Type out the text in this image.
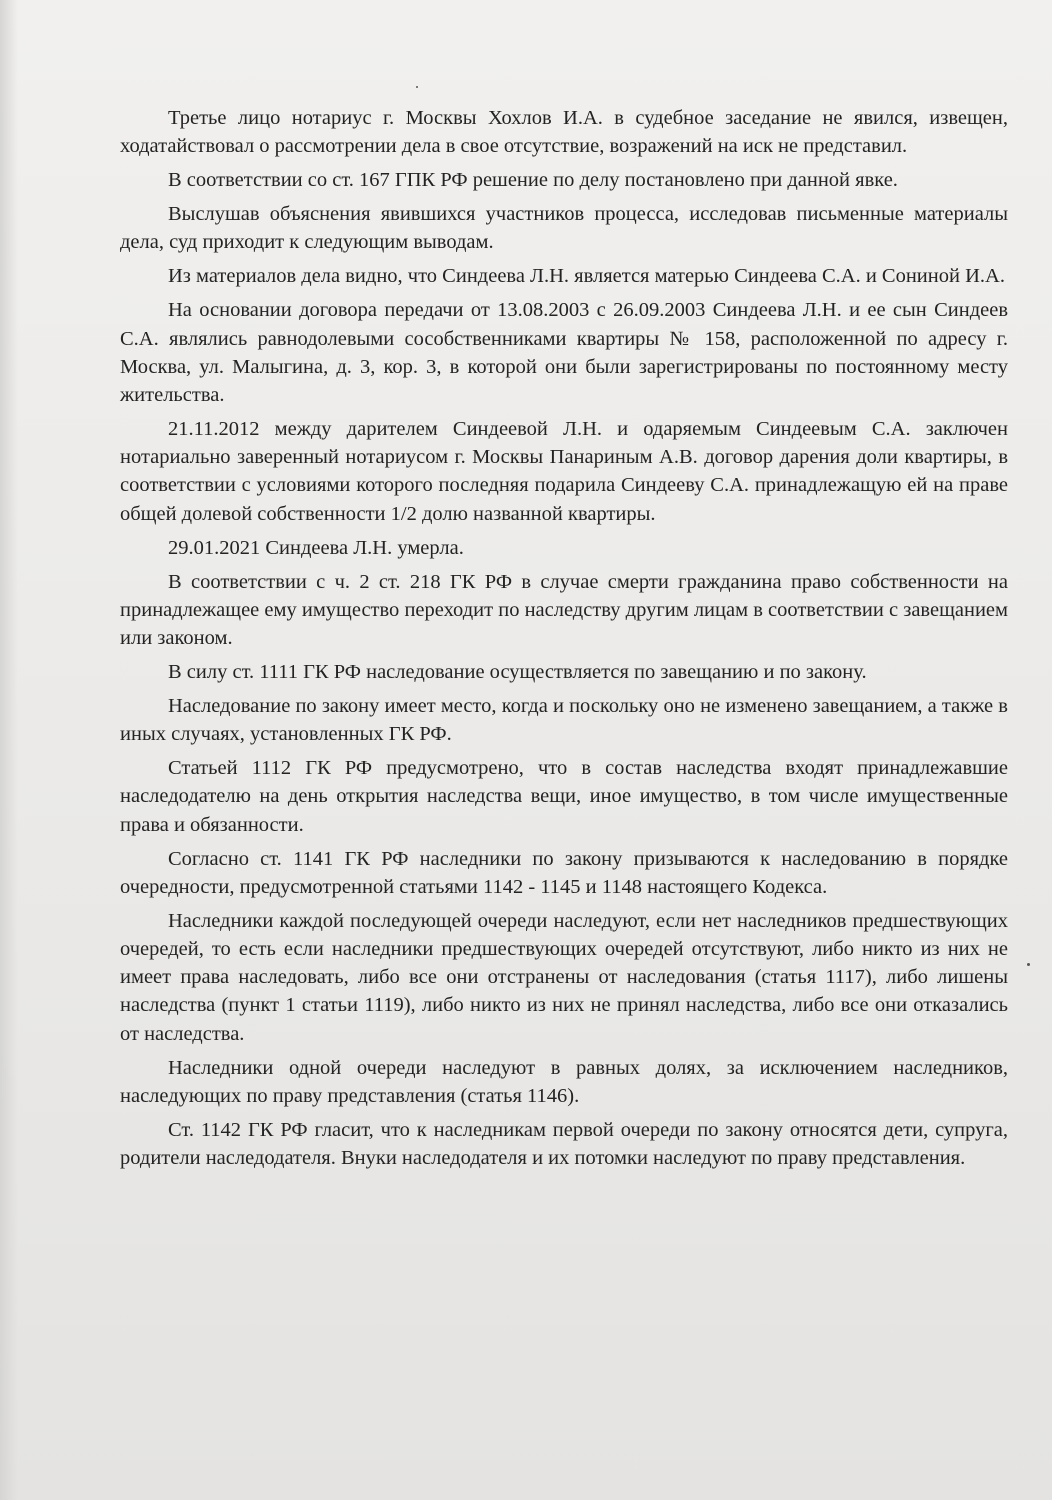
Третье лицо нотариус г. Москвы Хохлов И.А. в судебное заседание не явился, извещен, ходатайствовал о рассмотрении дела в свое отсутствие, возражений на иск не представил.

В соответствии со ст. 167 ГПК РФ решение по делу постановлено при данной явке.

Выслушав объяснения явившихся участников процесса, исследовав письменные материалы дела, суд приходит к следующим выводам.

Из материалов дела видно, что Синдеева Л.Н. является матерью Синдеева С.А. и Сониной И.А.

На основании договора передачи от 13.08.2003 с 26.09.2003 Синдеева Л.Н. и ее сын Синдеев С.А. являлись равнодолевыми сособственниками квартиры № 158, расположенной по адресу г. Москва, ул. Малыгина, д. 3, кор. 3, в которой они были зарегистрированы по постоянному месту жительства.

21.11.2012 между дарителем Синдеевой Л.Н. и одаряемым Синдеевым С.А. заключен нотариально заверенный нотариусом г. Москвы Панариным А.В. договор дарения доли квартиры, в соответствии с условиями которого последняя подарила Синдееву С.А. принадлежащую ей на праве общей долевой собственности 1/2 долю названной квартиры.

29.01.2021 Синдеева Л.Н. умерла.

В соответствии с ч. 2 ст. 218 ГК РФ в случае смерти гражданина право собственности на принадлежащее ему имущество переходит по наследству другим лицам в соответствии с завещанием или законом.

В силу ст. 1111 ГК РФ наследование осуществляется по завещанию и по закону.

Наследование по закону имеет место, когда и поскольку оно не изменено завещанием, а также в иных случаях, установленных ГК РФ.

Статьей 1112 ГК РФ предусмотрено, что в состав наследства входят принадлежавшие наследодателю на день открытия наследства вещи, иное имущество, в том числе имущественные права и обязанности.

Согласно ст. 1141 ГК РФ наследники по закону призываются к наследованию в порядке очередности, предусмотренной статьями 1142 - 1145 и 1148 настоящего Кодекса.

Наследники каждой последующей очереди наследуют, если нет наследников предшествующих очередей, то есть если наследники предшествующих очередей отсутствуют, либо никто из них не имеет права наследовать, либо все они отстранены от наследования (статья 1117), либо лишены наследства (пункт 1 статьи 1119), либо никто из них не принял наследства, либо все они отказались от наследства.

Наследники одной очереди наследуют в равных долях, за исключением наследников, наследующих по праву представления (статья 1146).

Ст. 1142 ГК РФ гласит, что к наследникам первой очереди по закону относятся дети, супруга, родители наследодателя. Внуки наследодателя и их потомки наследуют по праву представления.
